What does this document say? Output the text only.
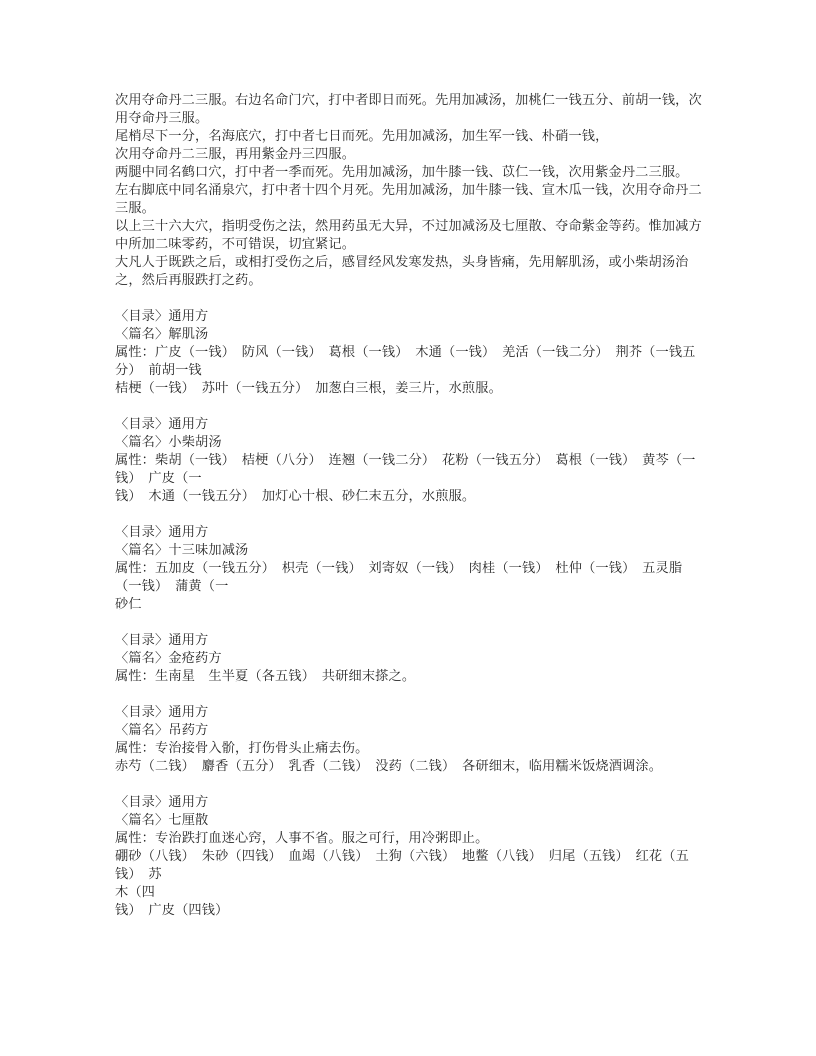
次用夺命丹二三服。右边名命门穴，打中者即日而死。先用加减汤，加桃仁一钱五分、前胡一钱，次用夺命丹三服。
尾梢尽下一分，名海底穴，打中者七日而死。先用加减汤，加生军一钱、朴硝一钱，
次用夺命丹二三服，再用紫金丹三四服。
两腿中同名鹤口穴，打中者一季而死。先用加减汤，加牛膝一钱、苡仁一钱，次用紫金丹二三服。
左右脚底中同名涌泉穴，打中者十四个月死。先用加减汤，加牛膝一钱、宣木瓜一钱，次用夺命丹二三服。
以上三十六大穴，指明受伤之法，然用药虽无大异，不过加减汤及七厘散、夺命紫金等药。惟加减方中所加二味零药，不可错误，切宜紧记。
大凡人于既跌之后，或相打受伤之后，感冒经风发寒发热，头身皆痛，先用解肌汤，或小柴胡汤治之，然后再服跌打之药。

〈目录〉通用方
〈篇名〉解肌汤
属性：广皮（一钱）　防风（一钱）　葛根（一钱）　木通（一钱）　羌活（一钱二分）　荆芥（一钱五分）　前胡一钱
桔梗（一钱）　苏叶（一钱五分）　加葱白三根，姜三片，水煎服。

〈目录〉通用方
〈篇名〉小柴胡汤
属性：柴胡（一钱）　桔梗（八分）　连翘（一钱二分）　花粉（一钱五分）　葛根（一钱）　黄芩（一钱）　广皮（一
钱）　木通（一钱五分）　加灯心十根、砂仁末五分，水煎服。

〈目录〉通用方
〈篇名〉十三味加减汤
属性：五加皮（一钱五分）　枳壳（一钱）　刘寄奴（一钱）　肉桂（一钱）　杜仲（一钱）　五灵脂（一钱）　蒲黄（一
砂仁

〈目录〉通用方
〈篇名〉金疮药方
属性：生南星　生半夏（各五钱）　共研细末搽之。

〈目录〉通用方
〈篇名〉吊药方
属性：专治接骨入骱，打伤骨头止痛去伤。
赤芍（二钱）　麝香（五分）　乳香（二钱）　没药（二钱）　各研细末，临用糯米饭烧酒调涂。

〈目录〉通用方
〈篇名〉七厘散
属性：专治跌打血迷心窍，人事不省。服之可行，用冷粥即止。
硼砂（八钱）　朱砂（四钱）　血竭（八钱）　土狗（六钱）　地鳖（八钱）　归尾（五钱）　红花（五钱）　苏
木（四
钱）　广皮（四钱）
